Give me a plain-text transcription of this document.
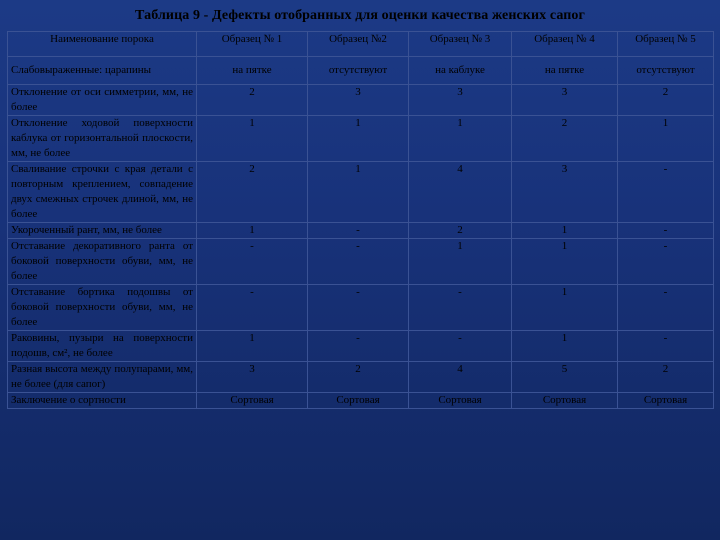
Таблица 9 - Дефекты отобранных для оценки качества женских сапог
Наименование порока	Образец № 1	Образец №2	Образец № 3	Образец № 4	Образец № 5
Слабовыраженные: царапины	на пятке	отсутствуют	на каблуке	на пятке	отсутствуют
Отклонение от оси симметрии, мм, не более	2	3	3	3	2
Отклонение ходовой поверхности каблука от горизонтальной плоскости, мм, не более	1	1	1	2	1
Сваливание строчки с края детали с повторным креплением, совпадение двух смежных строчек длиной, мм, не более	2	1	4	3	-
Укороченный рант, мм, не более	1	-	2	1	-
Отставание декоративного ранта от боковой поверхности обуви, мм, не более	-	-	1	1	-
Отставание бортика подошвы от боковой поверхности обуви, мм, не более	-	-	-	1	-
Раковины, пузыри на поверхности подошв, см², не более	1	-	-	1	-
Разная высота между полупарами, мм, не более (для сапог)	3	2	4	5	2
Заключение о сортности	Сортовая	Сортовая	Сортовая	Сортовая	Сортовая
